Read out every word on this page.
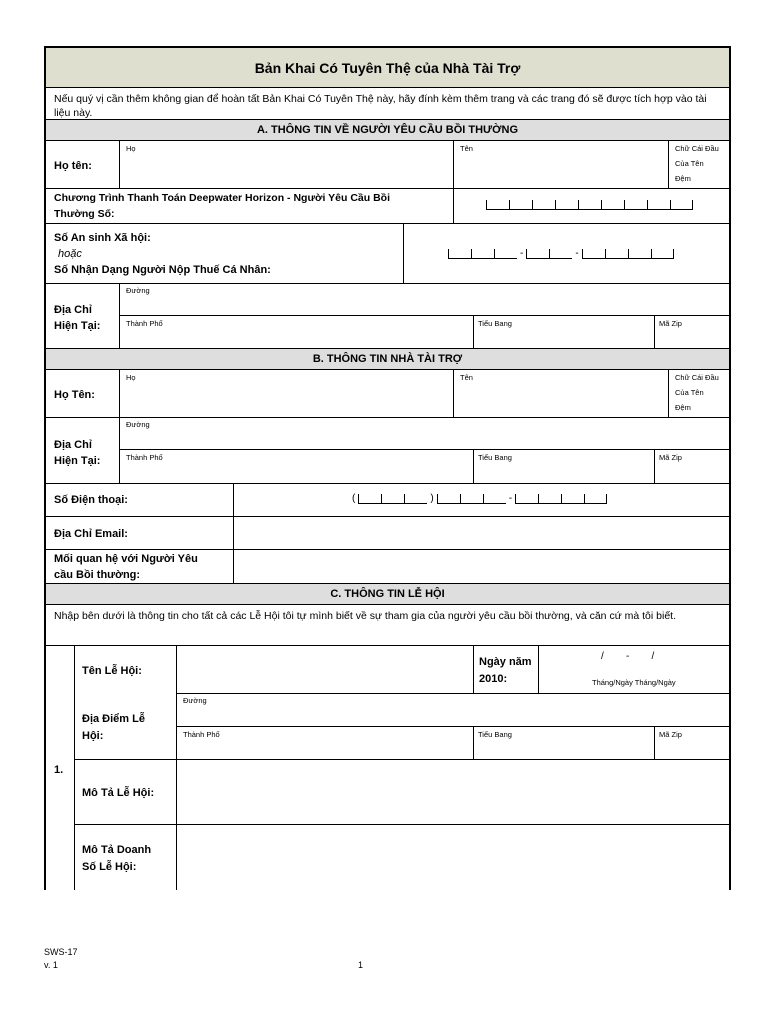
Bản Khai Có Tuyên Thệ của Nhà Tài Trợ
Nếu quý vị cần thêm không gian để hoàn tất Bản Khai Có Tuyên Thệ này, hãy đính kèm thêm trang và các trang đó sẽ được tích hợp vào tài liệu này.
A. THÔNG TIN VỀ NGƯỜI YÊU CẦU BỒI THƯỜNG
Họ tên:
Họ	Tên	Chữ Cái Đầu
Của Tên
Đệm
Chương Trình Thanh Toán Deepwater Horizon - Người Yêu Cầu Bồi
Thường Số:
Số An sinh Xã hội:
hoặc
Số Nhận Dạng Người Nộp Thuế Cá Nhân:
-	-
Địa Chỉ
Hiện Tại:
Đường
Thành Phố	Tiểu Bang	Mã Zip
B. THÔNG TIN NHÀ TÀI TRỢ
Họ Tên:
Họ	Tên	Chữ Cái Đầu
Của Tên
Đệm
Địa Chỉ
Hiện Tại:
Đường
Thành Phố	Tiểu Bang	Mã Zip
Số Điện thoại:	(	)	-
Địa Chỉ Email:
Mối quan hệ với Người Yêu
cầu Bồi thường:
C. THÔNG TIN LỄ HỘI
Nhập bên dưới là thông tin cho tất cả các Lễ Hội tôi tự mình biết về sự tham gia của người yêu cầu bồi thường, và căn cứ mà tôi biết.
1.
Tên Lễ Hội:
Ngày năm
2010:
/        -        /
Tháng/Ngày Tháng/Ngày
Địa Điểm Lễ
Hội:
Đường
Thành Phố	Tiểu Bang	Mã Zip
Mô Tả Lễ Hội:
Mô Tả Doanh
Số Lễ Hội:
SWS-17
v. 1	1
